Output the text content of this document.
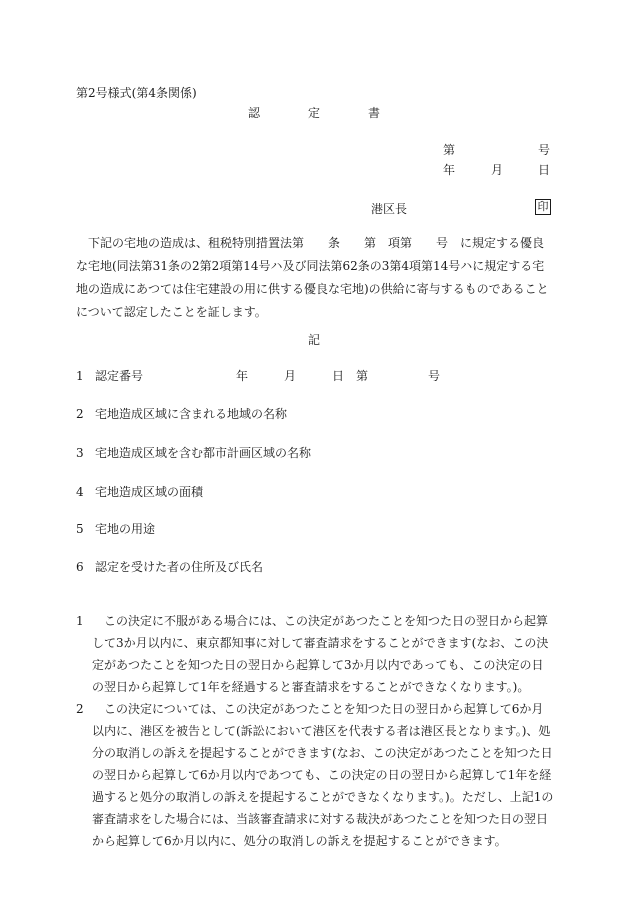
第2号様式(第4条関係)
認　　　　定　　　　書
第	号
年	月	日
港区長	印

下記の宅地の造成は、租税特別措置法第　　条　　第　項第　　号　に規定する優良な宅地(同法第31条の2第2項第14号ハ及び同法第62条の3第4項第14号ハに規定する宅地の造成にあつては住宅建設の用に供する優良な宅地)の供給に寄与するものであることについて認定したことを証します。

記
1 認定番号	年　　　月　　　日　第　　　　　号
2 宅地造成区域に含まれる地域の名称
3 宅地造成区域を含む都市計画区域の名称
4 宅地造成区域の面積
5 宅地の用途
6 認定を受けた者の住所及び氏名
1	この決定に不服がある場合には、この決定があつたことを知つた日の翌日から起算して3か月以内に、東京都知事に対して審査請求をすることができます(なお、この決定があつたことを知つた日の翌日から起算して3か月以内であっても、この決定の日の翌日から起算して1年を経過すると審査請求をすることができなくなります。)。
2	この決定については、この決定があつたことを知つた日の翌日から起算して6か月以内に、港区を被告として(訴訟において港区を代表する者は港区長となります。)、処分の取消しの訴えを提起することができます(なお、この決定があつたことを知つた日の翌日から起算して6か月以内であつても、この決定の日の翌日から起算して1年を経過すると処分の取消しの訴えを提起することができなくなります。)。ただし、上記1の審査請求をした場合には、当該審査請求に対する裁決があつたことを知つた日の翌日から起算して6か月以内に、処分の取消しの訴えを提起することができます。
